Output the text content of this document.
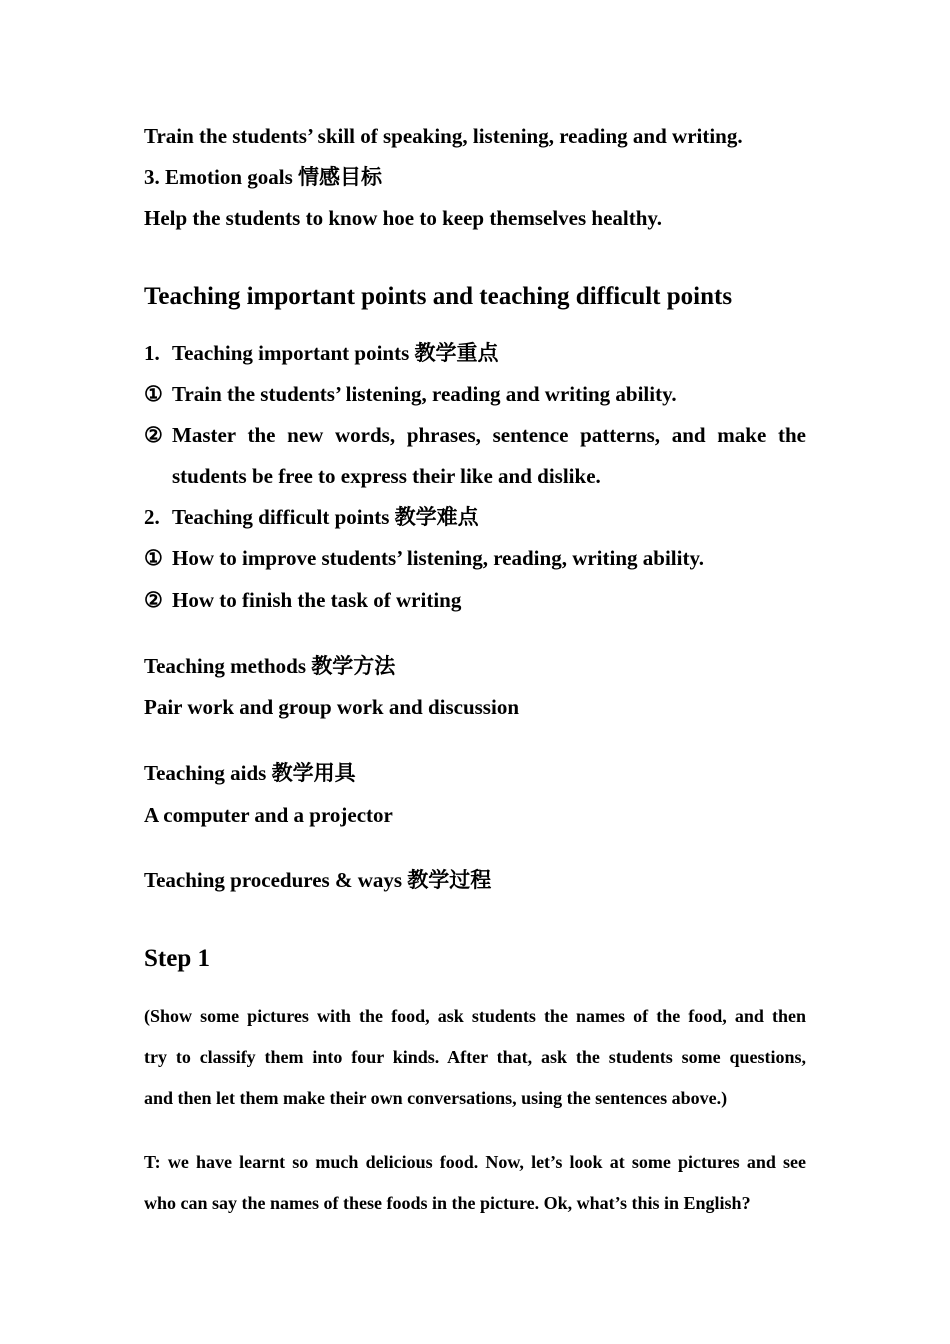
Train the students’ skill of speaking, listening, reading and writing.
3. Emotion goals 情感目标
Help the students to know hoe to keep themselves healthy.
Teaching important points and teaching difficult points
1. Teaching important points 教学重点
① Train the students’ listening, reading and writing ability.
② Master the new words, phrases, sentence patterns, and make the
students be free to express their like and dislike.
2. Teaching difficult points 教学难点
① How to improve students’ listening, reading, writing ability.
② How to finish the task of writing
Teaching methods 教学方法
Pair work and group work and discussion
Teaching aids 教学用具
A computer and a projector
Teaching procedures & ways 教学过程
Step 1
(Show some pictures with the food, ask students the names of the food, and then
try to classify them into four kinds. After that, ask the students some questions,
and then let them make their own conversations, using the sentences above.)
T: we have learnt so much delicious food. Now, let’s look at some pictures and see
who can say the names of these foods in the picture. Ok, what’s this in English?
